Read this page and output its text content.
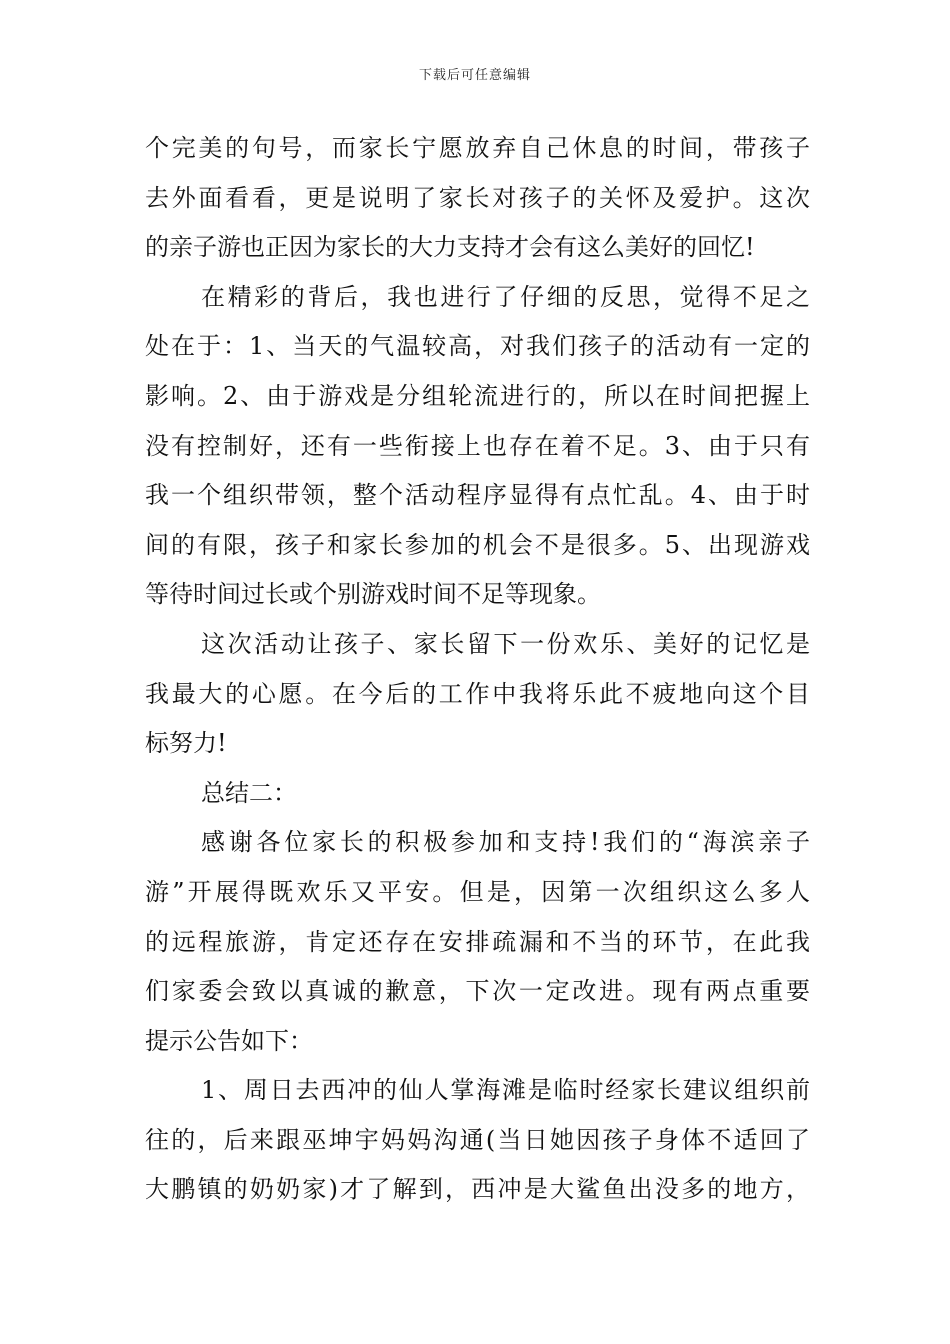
下载后可任意编辑
个完美的句号，而家长宁愿放弃自己休息的时间，带孩子
去外面看看，更是说明了家长对孩子的关怀及爱护。这次
的亲子游也正因为家长的大力支持才会有这么美好的回忆!
在精彩的背后，我也进行了仔细的反思，觉得不足之
处在于：1、当天的气温较高，对我们孩子的活动有一定的
影响。2、由于游戏是分组轮流进行的，所以在时间把握上
没有控制好，还有一些衔接上也存在着不足。3、由于只有
我一个组织带领，整个活动程序显得有点忙乱。4、由于时
间的有限，孩子和家长参加的机会不是很多。5、出现游戏
等待时间过长或个别游戏时间不足等现象。
这次活动让孩子、家长留下一份欢乐、美好的记忆是
我最大的心愿。在今后的工作中我将乐此不疲地向这个目
标努力!
总结二：
感谢各位家长的积极参加和支持!我们的“海滨亲子
游”开展得既欢乐又平安。但是，因第一次组织这么多人
的远程旅游，肯定还存在安排疏漏和不当的环节，在此我
们家委会致以真诚的歉意，下次一定改进。现有两点重要
提示公告如下：
1、周日去西冲的仙人掌海滩是临时经家长建议组织前
往的，后来跟巫坤宇妈妈沟通(当日她因孩子身体不适回了
大鹏镇的奶奶家)才了解到，西冲是大鲨鱼出没多的地方，
